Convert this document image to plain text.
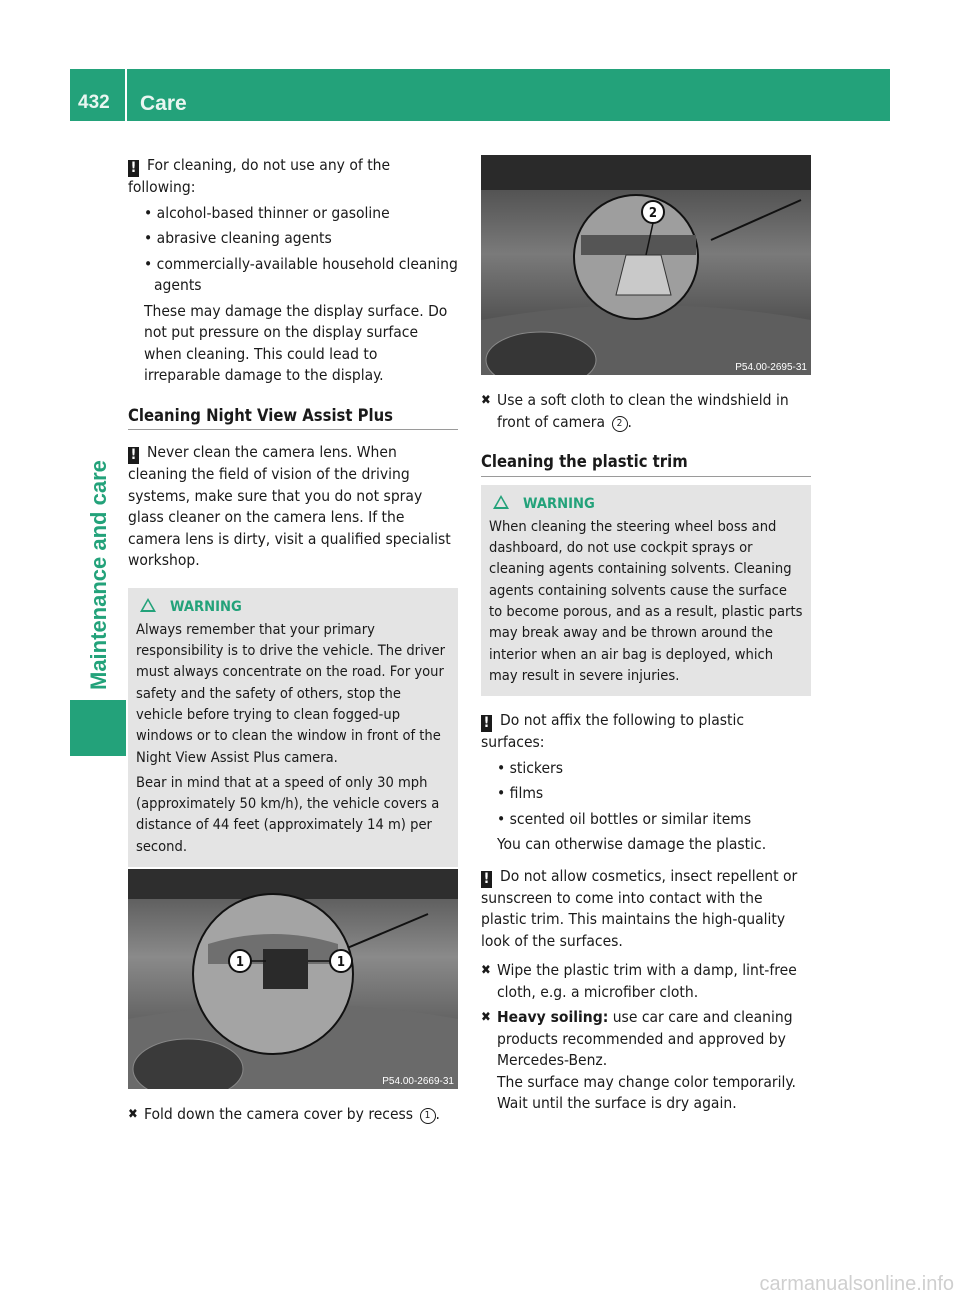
432 Care
Maintenance and care

! For cleaning, do not use any of the following:

• alcohol-based thinner or gasoline

• abrasive cleaning agents

• commercially-available household cleaning agents

These may damage the display surface. Do not put pressure on the display surface when cleaning. This could lead to irreparable damage to the display.

Cleaning Night View Assist Plus

! Never clean the camera lens. When cleaning the field of vision of the driving systems, make sure that you do not spray glass cleaner on the camera lens. If the camera lens is dirty, visit a qualified specialist workshop.

WARNING

Always remember that your primary responsibility is to drive the vehicle. The driver must always concentrate on the road. For your safety and the safety of others, stop the vehicle before trying to clean fogged-up windows or to clean the window in front of the Night View Assist Plus camera.

Bear in mind that at a speed of only 30 mph (approximately 50 km/h), the vehicle covers a distance of 44 feet (approximately 14 m) per second.

1	1
P54.00-2669-31

✖ Fold down the camera cover by recess 1 .

2
P54.00-2695-31

✖ Use a soft cloth to clean the windshield in front of camera 2 .

Cleaning the plastic trim

WARNING

When cleaning the steering wheel boss and dashboard, do not use cockpit sprays or cleaning agents containing solvents. Cleaning agents containing solvents cause the surface to become porous, and as a result, plastic parts may break away and be thrown around the interior when an air bag is deployed, which may result in severe injuries.

! Do not affix the following to plastic surfaces:

• stickers

• films

• scented oil bottles or similar items

You can otherwise damage the plastic.

! Do not allow cosmetics, insect repellent or sunscreen to come into contact with the plastic trim. This maintains the high-quality look of the surfaces.

✖ Wipe the plastic trim with a damp, lint-free cloth, e.g. a microfiber cloth.

✖ Heavy soiling: use car care and cleaning products recommended and approved by Mercedes-Benz.
The surface may change color temporarily. Wait until the surface is dry again.

carmanualsonline.info
